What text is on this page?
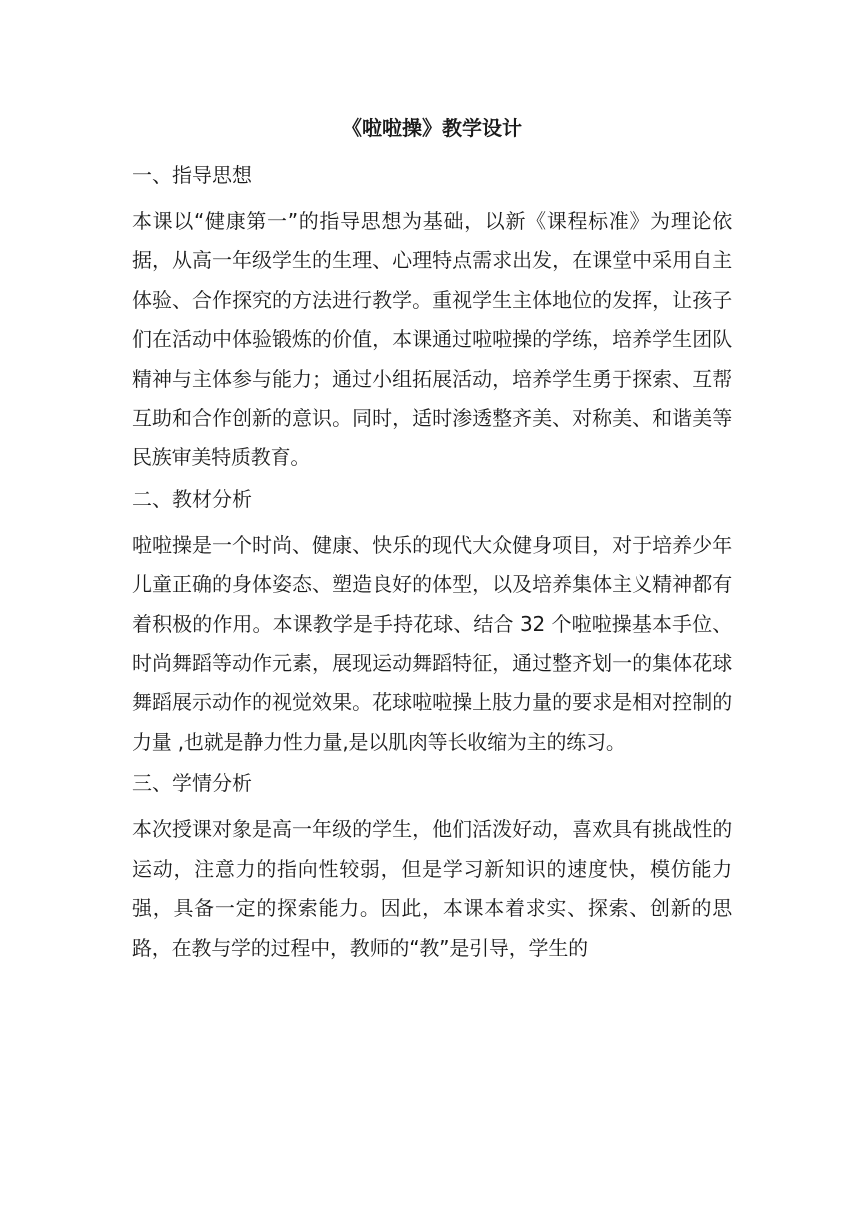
《啦啦操》教学设计

一、指导思想

本课以“健康第一”的指导思想为基础，以新《课程标准》为理论依据，从高一年级学生的生理、心理特点需求出发，在课堂中采用自主体验、合作探究的方法进行教学。重视学生主体地位的发挥，让孩子们在活动中体验锻炼的价值，本课通过啦啦操的学练，培养学生团队精神与主体参与能力；通过小组拓展活动，培养学生勇于探索、互帮互助和合作创新的意识。同时，适时渗透整齐美、对称美、和谐美等民族审美特质教育。

二、教材分析

啦啦操是一个时尚、健康、快乐的现代大众健身项目，对于培养少年儿童正确的身体姿态、塑造良好的体型，以及培养集体主义精神都有着积极的作用。本课教学是手持花球、结合 32 个啦啦操基本手位、时尚舞蹈等动作元素，展现运动舞蹈特征，通过整齐划一的集体花球舞蹈展示动作的视觉效果。花球啦啦操上肢力量的要求是相对控制的力量 ,也就是静力性力量,是以肌肉等长收缩为主的练习。

三、学情分析

本次授课对象是高一年级的学生，他们活泼好动，喜欢具有挑战性的运动，注意力的指向性较弱，但是学习新知识的速度快，模仿能力强，具备一定的探索能力。因此，本课本着求实、探索、创新的思路，在教与学的过程中，教师的“教”是引导，学生的
